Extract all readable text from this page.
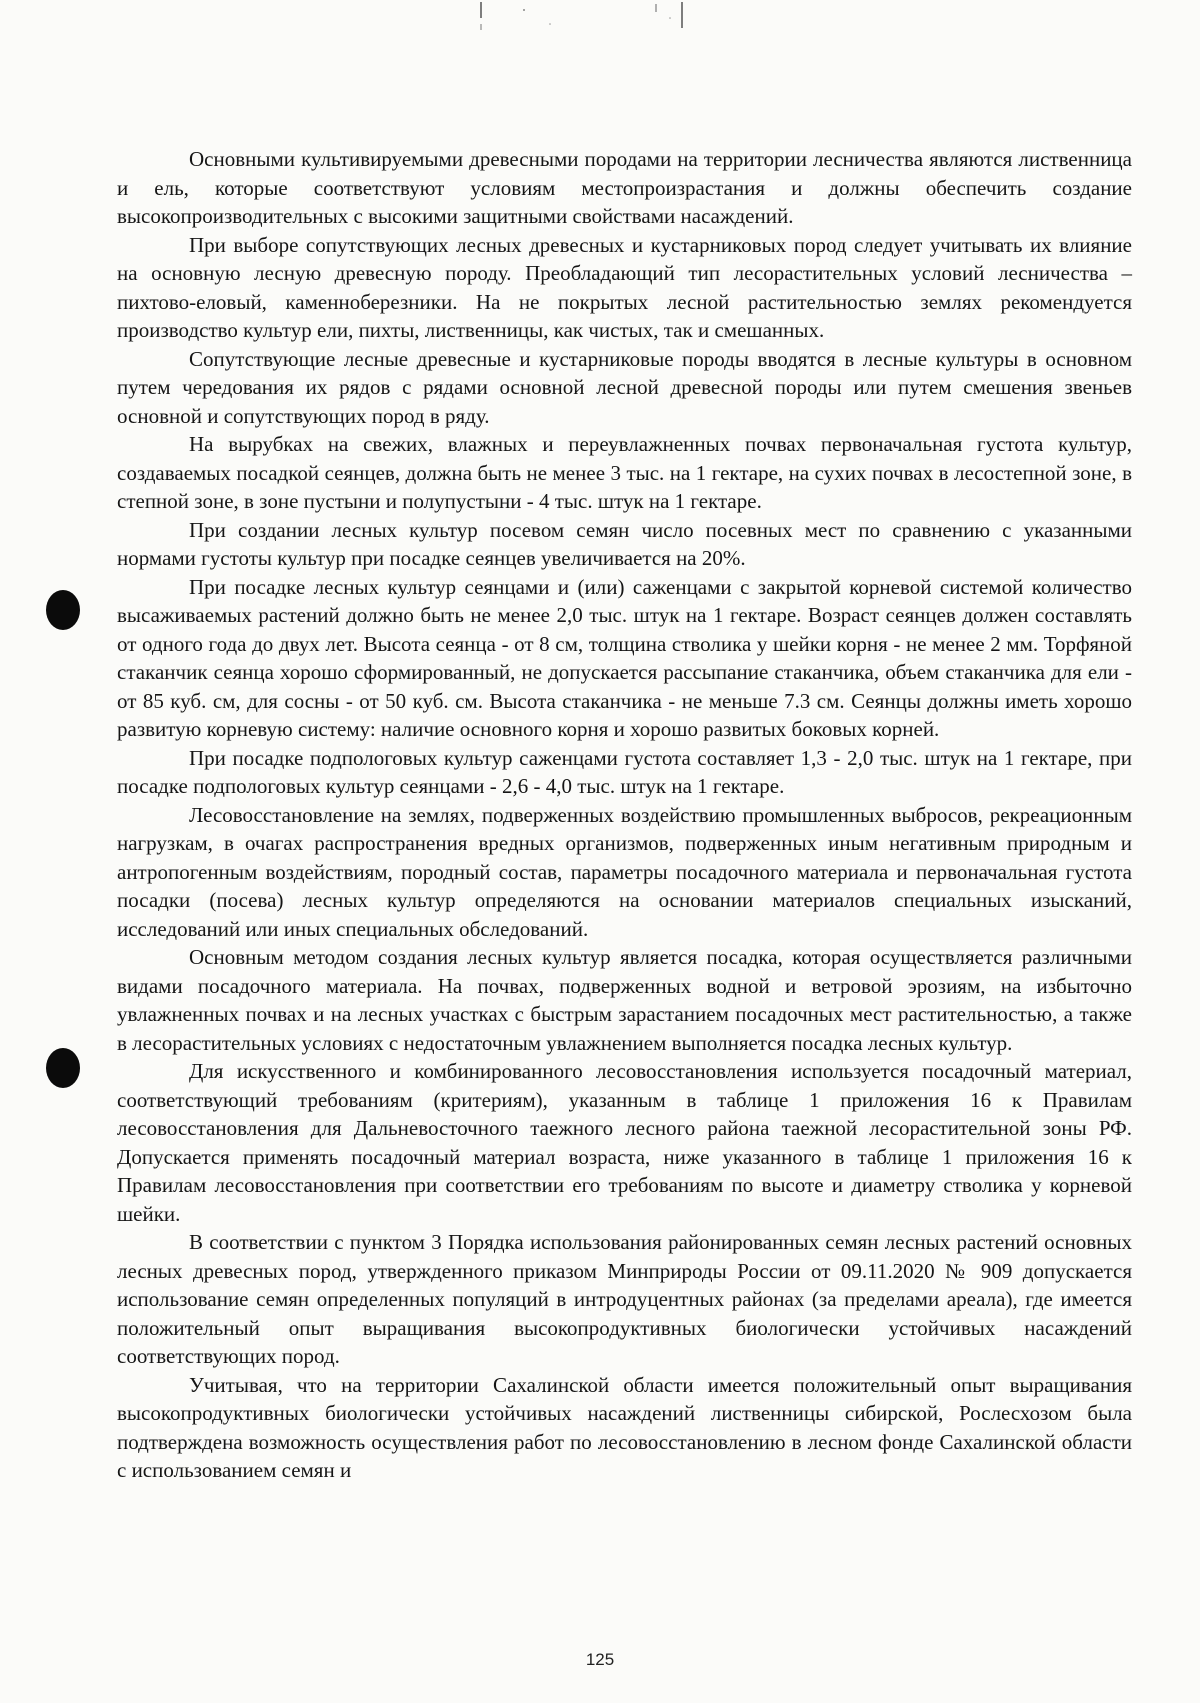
Основными культивируемыми древесными породами на территории лесничества являются лиственница и ель, которые соответствуют условиям местопроизрастания и должны обеспечить создание высокопроизводительных с высокими защитными свойствами насаждений.

При выборе сопутствующих лесных древесных и кустарниковых пород следует учитывать их влияние на основную лесную древесную породу. Преобладающий тип лесорастительных условий лесничества – пихтово-еловый, каменноберезники. На не покрытых лесной растительностью землях рекомендуется производство культур ели, пихты, лиственницы, как чистых, так и смешанных.

Сопутствующие лесные древесные и кустарниковые породы вводятся в лесные культуры в основном путем чередования их рядов с рядами основной лесной древесной породы или путем смешения звеньев основной и сопутствующих пород в ряду.

На вырубках на свежих, влажных и переувлажненных почвах первоначальная густота культур, создаваемых посадкой сеянцев, должна быть не менее 3 тыс. на 1 гектаре, на сухих почвах в лесостепной зоне, в степной зоне, в зоне пустыни и полупустыни - 4 тыс. штук на 1 гектаре.

При создании лесных культур посевом семян число посевных мест по сравнению с указанными нормами густоты культур при посадке сеянцев увеличивается на 20%.

При посадке лесных культур сеянцами и (или) саженцами с закрытой корневой системой количество высаживаемых растений должно быть не менее 2,0 тыс. штук на 1 гектаре. Возраст сеянцев должен составлять от одного года до двух лет. Высота сеянца - от 8 см, толщина стволика у шейки корня - не менее 2 мм. Торфяной стаканчик сеянца хорошо сформированный, не допускается рассыпание стаканчика, объем стаканчика для ели - от 85 куб. см, для сосны - от 50 куб. см. Высота стаканчика - не меньше 7.3 см. Сеянцы должны иметь хорошо развитую корневую систему: наличие основного корня и хорошо развитых боковых корней.

При посадке подпологовых культур саженцами густота составляет 1,3 - 2,0 тыс. штук на 1 гектаре, при посадке подпологовых культур сеянцами - 2,6 - 4,0 тыс. штук на 1 гектаре.

Лесовосстановление на землях, подверженных воздействию промышленных выбросов, рекреационным нагрузкам, в очагах распространения вредных организмов, подверженных иным негативным природным и антропогенным воздействиям, породный состав, параметры посадочного материала и первоначальная густота посадки (посева) лесных культур определяются на основании материалов специальных изысканий, исследований или иных специальных обследований.

Основным методом создания лесных культур является посадка, которая осуществляется различными видами посадочного материала. На почвах, подверженных водной и ветровой эрозиям, на избыточно увлажненных почвах и на лесных участках с быстрым зарастанием посадочных мест растительностью, а также в лесорастительных условиях с недостаточным увлажнением выполняется посадка лесных культур.

Для искусственного и комбинированного лесовосстановления используется посадочный материал, соответствующий требованиям (критериям), указанным в таблице 1 приложения 16 к Правилам лесовосстановления для Дальневосточного таежного лесного района таежной лесорастительной зоны РФ. Допускается применять посадочный материал возраста, ниже указанного в таблице 1 приложения 16 к Правилам лесовосстановления при соответствии его требованиям по высоте и диаметру стволика у корневой шейки.

В соответствии с пунктом 3 Порядка использования районированных семян лесных растений основных лесных древесных пород, утвержденного приказом Минприроды России от 09.11.2020 № 909 допускается использование семян определенных популяций в интродуцентных районах (за пределами ареала), где имеется положительный опыт выращивания высокопродуктивных биологически устойчивых насаждений соответствующих пород.

Учитывая, что на территории Сахалинской области имеется положительный опыт выращивания высокопродуктивных биологически устойчивых насаждений лиственницы сибирской, Рослесхозом была подтверждена возможность осуществления работ по лесовосстановлению в лесном фонде Сахалинской области с использованием семян и

125
